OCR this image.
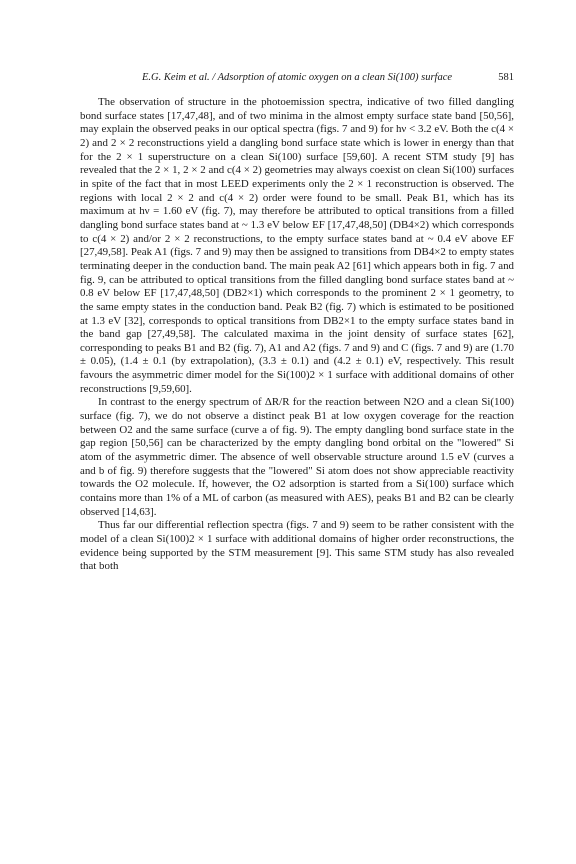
E.G. Keim et al. / Adsorption of atomic oxygen on a clean Si(100) surface	581

The observation of structure in the photoemission spectra, indicative of two filled dangling bond surface states [17,47,48], and of two minima in the almost empty surface state band [50,56], may explain the observed peaks in our optical spectra (figs. 7 and 9) for hν < 3.2 eV. Both the c(4 × 2) and 2 × 2 reconstructions yield a dangling bond surface state which is lower in energy than that for the 2 × 1 superstructure on a clean Si(100) surface [59,60]. A recent STM study [9] has revealed that the 2 × 1, 2 × 2 and c(4 × 2) geometries may always coexist on clean Si(100) surfaces in spite of the fact that in most LEED experiments only the 2 × 1 reconstruction is observed. The regions with local 2 × 2 and c(4 × 2) order were found to be small. Peak B1, which has its maximum at hν = 1.60 eV (fig. 7), may therefore be attributed to optical transitions from a filled dangling bond surface states band at ~ 1.3 eV below EF [17,47,48,50] (DB4×2) which corresponds to c(4 × 2) and/or 2 × 2 reconstructions, to the empty surface states band at ~ 0.4 eV above EF [27,49,58]. Peak A1 (figs. 7 and 9) may then be assigned to transitions from DB4×2 to empty states terminating deeper in the conduction band. The main peak A2 [61] which appears both in fig. 7 and fig. 9, can be attributed to optical transitions from the filled dangling bond surface states band at ~ 0.8 eV below EF [17,47,48,50] (DB2×1) which corresponds to the prominent 2 × 1 geometry, to the same empty states in the conduction band. Peak B2 (fig. 7) which is estimated to be positioned at 1.3 eV [32], corresponds to optical transitions from DB2×1 to the empty surface states band in the band gap [27,49,58]. The calculated maxima in the joint density of surface states [62], corresponding to peaks B1 and B2 (fig. 7), A1 and A2 (figs. 7 and 9) and C (figs. 7 and 9) are (1.70 ± 0.05), (1.4 ± 0.1 (by extrapolation), (3.3 ± 0.1) and (4.2 ± 0.1) eV, respectively. This result favours the asymmetric dimer model for the Si(100)2 × 1 surface with additional domains of other reconstructions [9,59,60].

In contrast to the energy spectrum of ΔR/R for the reaction between N2O and a clean Si(100) surface (fig. 7), we do not observe a distinct peak B1 at low oxygen coverage for the reaction between O2 and the same surface (curve a of fig. 9). The empty dangling bond surface state in the gap region [50,56] can be characterized by the empty dangling bond orbital on the "lowered" Si atom of the asymmetric dimer. The absence of well observable structure around 1.5 eV (curves a and b of fig. 9) therefore suggests that the "lowered" Si atom does not show appreciable reactivity towards the O2 molecule. If, however, the O2 adsorption is started from a Si(100) surface which contains more than 1% of a ML of carbon (as measured with AES), peaks B1 and B2 can be clearly observed [14,63].

Thus far our differential reflection spectra (figs. 7 and 9) seem to be rather consistent with the model of a clean Si(100)2 × 1 surface with additional domains of higher order reconstructions, the evidence being supported by the STM measurement [9]. This same STM study has also revealed that both
